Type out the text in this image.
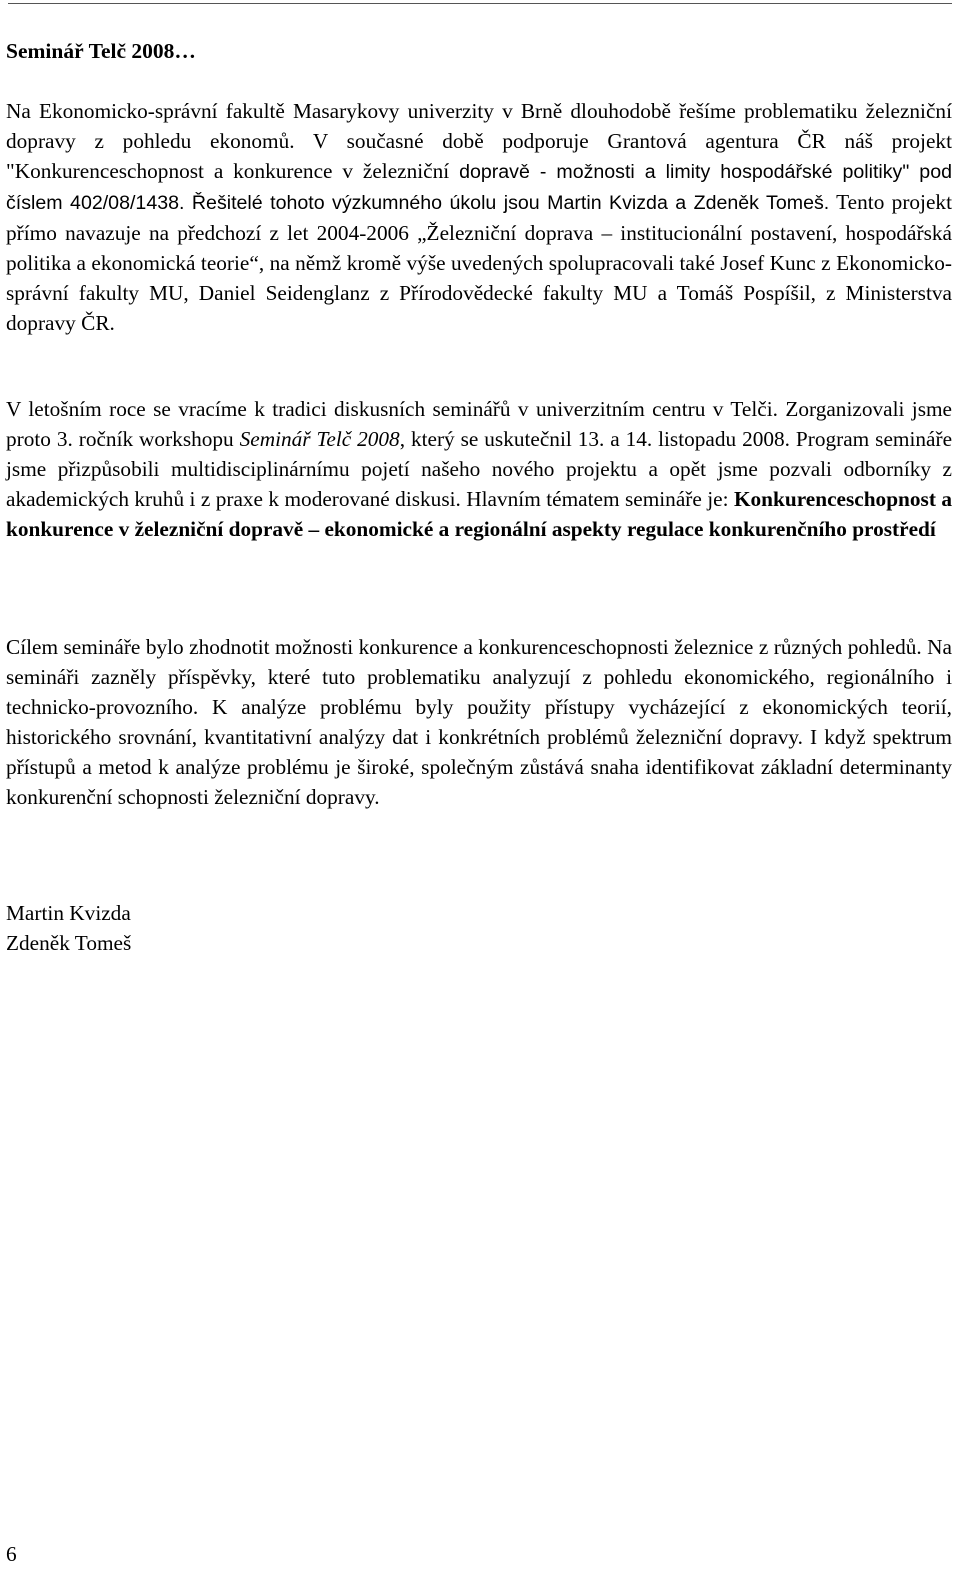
Seminář Telč 2008…

Na Ekonomicko-správní fakultě Masarykovy univerzity v Brně dlouhodobě řešíme problematiku železniční dopravy z pohledu ekonomů. V současné době podporuje Grantová agentura ČR náš projekt "Konkurenceschopnost a konkurence v železniční dopravě - možnosti a limity hospodářské politiky" pod číslem 402/08/1438. Řešitelé tohoto výzkumného úkolu jsou Martin Kvizda a Zdeněk Tomeš. Tento projekt přímo navazuje na předchozí z let 2004-2006 „Železniční doprava – institucionální postavení, hospodářská politika a ekonomická teorie“, na němž kromě výše uvedených spolupracovali také Josef Kunc z Ekonomicko-správní fakulty MU, Daniel Seidenglanz z Přírodovědecké fakulty MU a Tomáš Pospíšil, z Ministerstva dopravy ČR.

V letošním roce se vracíme k tradici diskusních seminářů v univerzitním centru v Telči. Zorganizovali jsme proto 3. ročník workshopu Seminář Telč 2008, který se uskutečnil 13. a 14. listopadu 2008. Program semináře jsme přizpůsobili multidisciplinárnímu pojetí našeho nového projektu a opět jsme pozvali odborníky z akademických kruhů i z praxe k moderované diskusi. Hlavním tématem semináře je: Konkurenceschopnost a konkurence v železniční dopravě – ekonomické a regionální aspekty regulace konkurenčního prostředí

Cílem semináře bylo zhodnotit možnosti konkurence a konkurenceschopnosti železnice z různých pohledů. Na semináři zazněly příspěvky, které tuto problematiku analyzují z pohledu ekonomického, regionálního i technicko-provozního. K analýze problému byly použity přístupy vycházející z ekonomických teorií, historického srovnání, kvantitativní analýzy dat i konkrétních problémů železniční dopravy. I když spektrum přístupů a metod k analýze problému je široké, společným zůstává snaha identifikovat základní determinanty konkurenční schopnosti železniční dopravy.

Martin Kvizda
Zdeněk Tomeš

6
